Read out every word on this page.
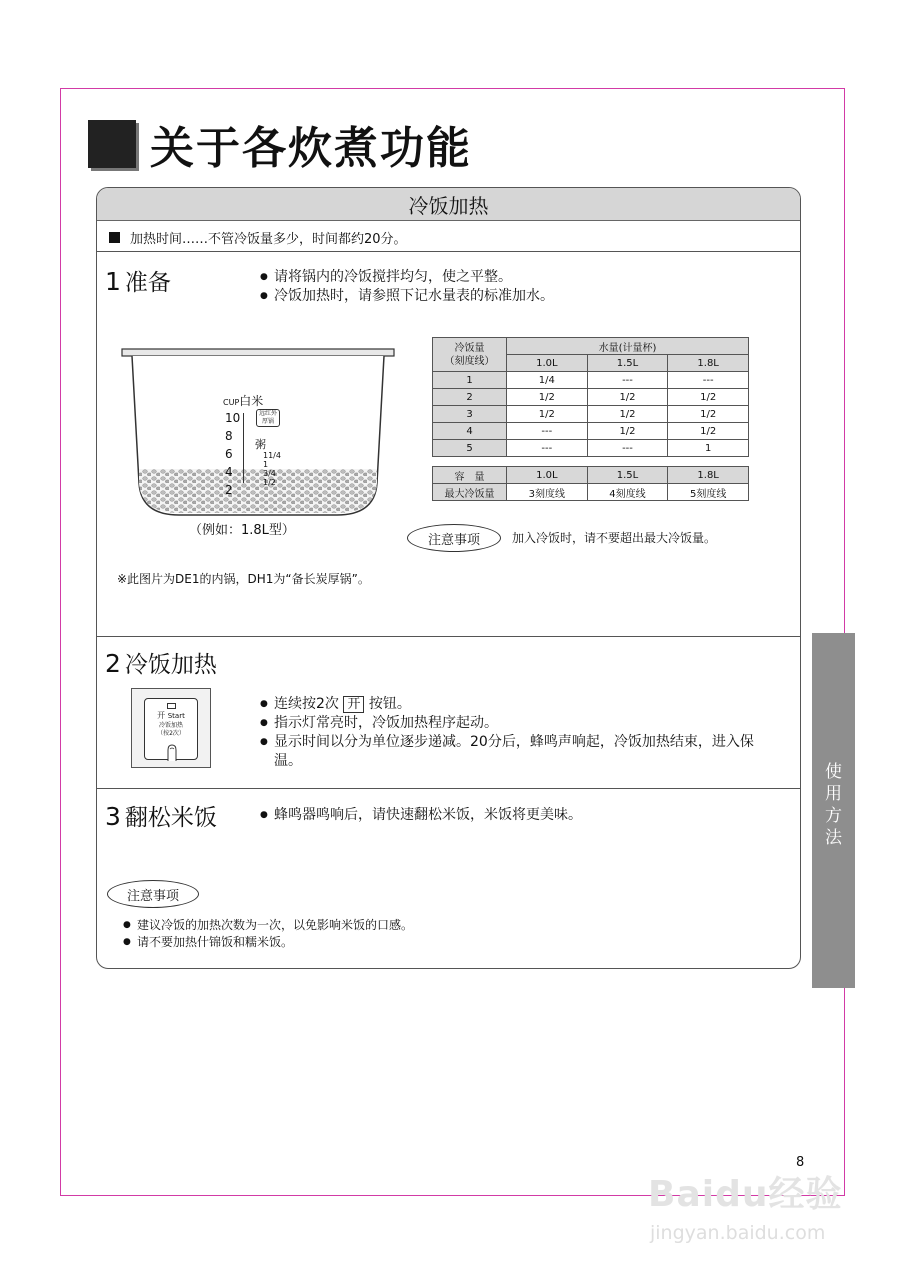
关于各炊煮功能
冷饭加热
加热时间……不管冷饭量多少，时间都约20分。
1 准备	● 请将锅内的冷饭搅拌均匀，使之平整。
● 冷饭加热时，请参照下记水量表的标准加水。
CUP白米
10
8
6
4
2
远红外
厚锅
粥
11/4
1
3/4
1/2
（例如：1.8L型）
冷饭量
（刻度线）	水量(计量杯)		
	1.0L	1.5L	1.8L
1	1/4	---	---
2	1/2	1/2	1/2
3	1/2	1/2	1/2
4	---	1/2	1/2
5	---	---	1
容　量	1.0L	1.5L	1.8L
最大冷饭量	3刻度线	4刻度线	5刻度线
注意事项	加入冷饭时，请不要超出最大冷饭量。
※此图片为DE1的内锅，DH1为“备长炭厚锅”。
2 冷饭加热
开 Start
冷饭加热
（按2次）
● 连续按2次 开 按钮。
● 指示灯常亮时，冷饭加热程序起动。
● 显示时间以分为单位逐步递减。20分后，蜂鸣声响起，冷饭加热结束，进入保温。
3 翻松米饭	● 蜂鸣器鸣响后，请快速翻松米饭，米饭将更美味。
注意事项
● 建议冷饭的加热次数为一次，以免影响米饭的口感。
● 请不要加热什锦饭和糯米饭。
使
用
方
法
8
Baidu经验
jingyan.baidu.com
